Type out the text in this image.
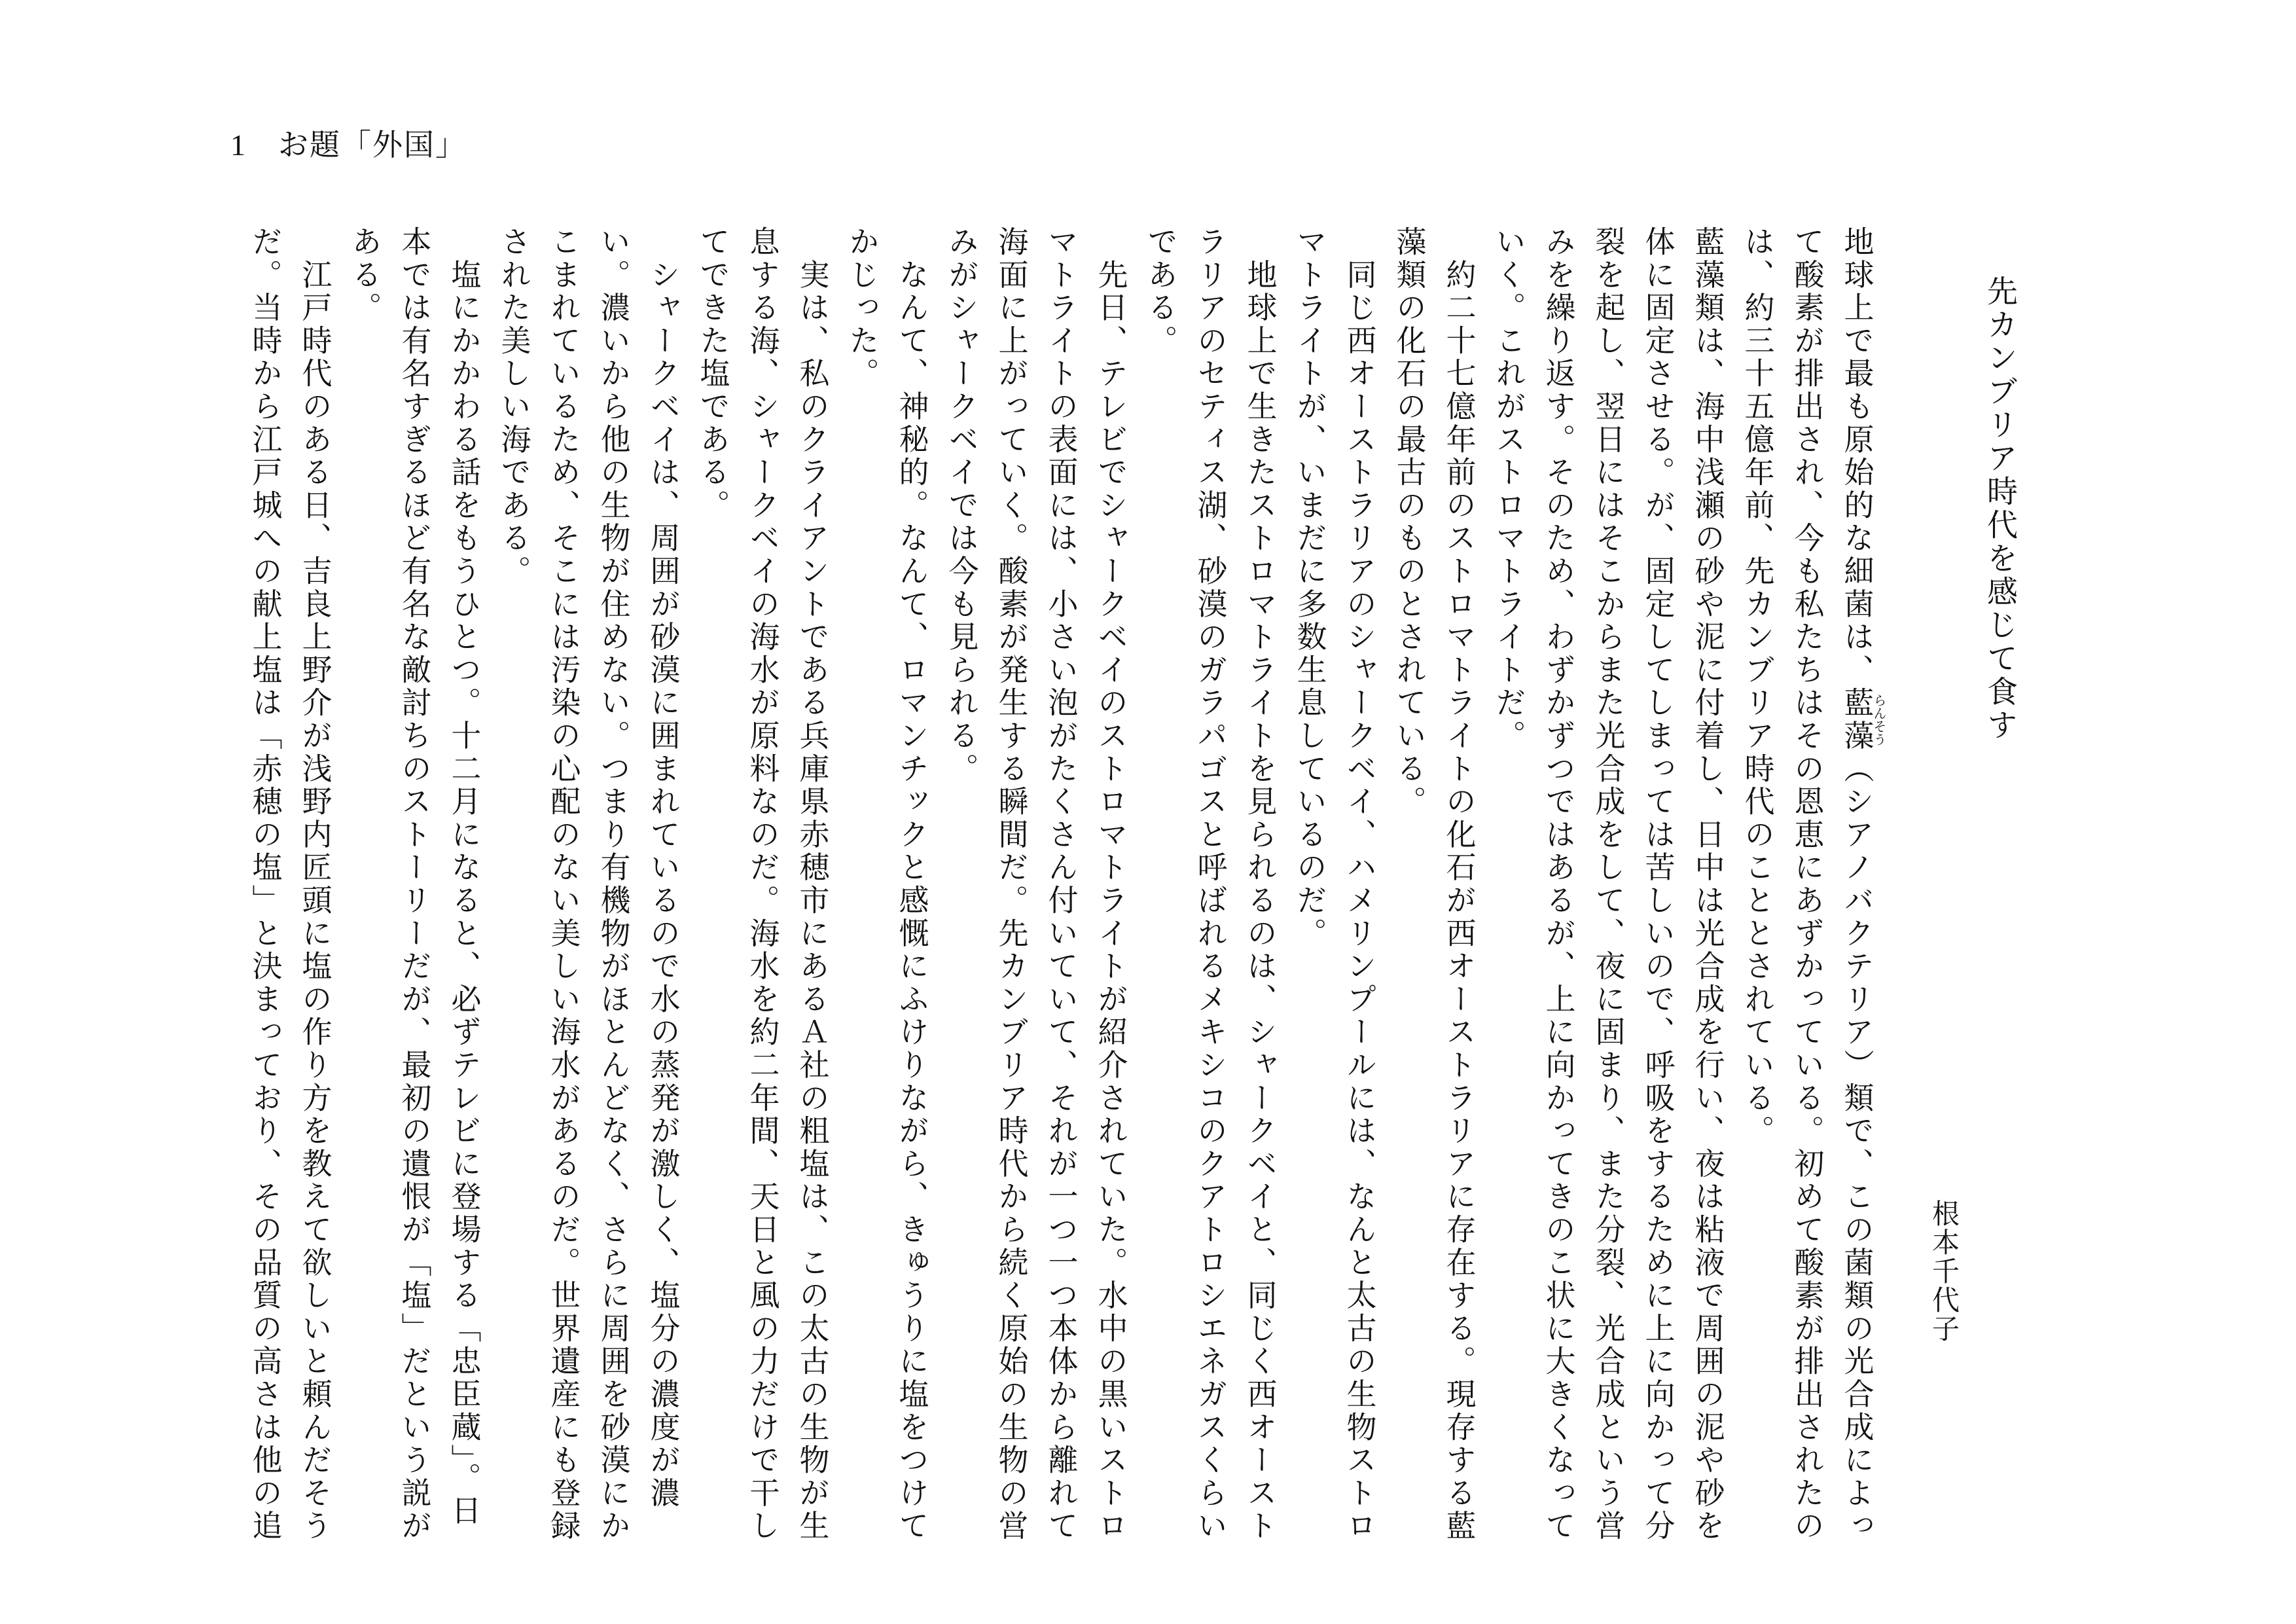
1　お題「外国」
先カンブリア時代を感じて食す
根本千代子

地球上で最も原始的な細菌は、藍藻らんそう（シアノバクテリア）類で、この菌類の光合成によって酸素が排出され、今も私たちはその恩恵にあずかっている。初めて酸素が排出されたのは、約三十五億年前、先カンブリア時代のこととされている。

藍藻類は、海中浅瀬の砂や泥に付着し、日中は光合成を行い、夜は粘液で周囲の泥や砂を体に固定させる。が、固定してしまっては苦しいので、呼吸をするために上に向かって分裂を起し、翌日にはそこからまた光合成をして、夜に固まり、また分裂、光合成という営みを繰り返す。そのため、わずかずつではあるが、上に向かってきのこ状に大きくなっていく。これがストロマトライトだ。

　約二十七億年前のストロマトライトの化石が西オーストラリアに存在する。現存する藍藻類の化石の最古のものとされている。

　同じ西オーストラリアのシャークベイ、ハメリンプールには、なんと太古の生物ストロマトライトが、いまだに多数生息しているのだ。

　地球上で生きたストロマトライトを見られるのは、シャークベイと、同じく西オーストラリアのセティス湖、砂漠のガラパゴスと呼ばれるメキシコのクアトロシエネガスくらいである。

　先日、テレビでシャークベイのストロマトライトが紹介されていた。水中の黒いストロマトライトの表面には、小さい泡がたくさん付いていて、それが一つ一つ本体から離れて海面に上がっていく。酸素が発生する瞬間だ。先カンブリア時代から続く原始の生物の営みがシャークベイでは今も見られる。

　なんて、神秘的。なんて、ロマンチックと感慨にふけりながら、きゅうりに塩をつけてかじった。

　実は、私のクライアントである兵庫県赤穂市にあるＡ社の粗塩は、この太古の生物が生息する海、シャークベイの海水が原料なのだ。海水を約二年間、天日と風の力だけで干してできた塩である。

　シャークベイは、周囲が砂漠に囲まれているので水の蒸発が激しく、塩分の濃度が濃い。濃いから他の生物が住めない。つまり有機物がほとんどなく、さらに周囲を砂漠にかこまれているため、そこには汚染の心配のない美しい海水があるのだ。世界遺産にも登録された美しい海である。

　塩にかかわる話をもうひとつ。十二月になると、必ずテレビに登場する「忠臣蔵」。日本では有名すぎるほど有名な敵討ちのストーリーだが、最初の遺恨が「塩」だという説がある。

　江戸時代のある日、吉良上野介が浅野内匠頭に塩の作り方を教えて欲しいと頼んだそうだ。当時から江戸城への献上塩は「赤穂の塩」と決まっており、その品質の高さは他の追
